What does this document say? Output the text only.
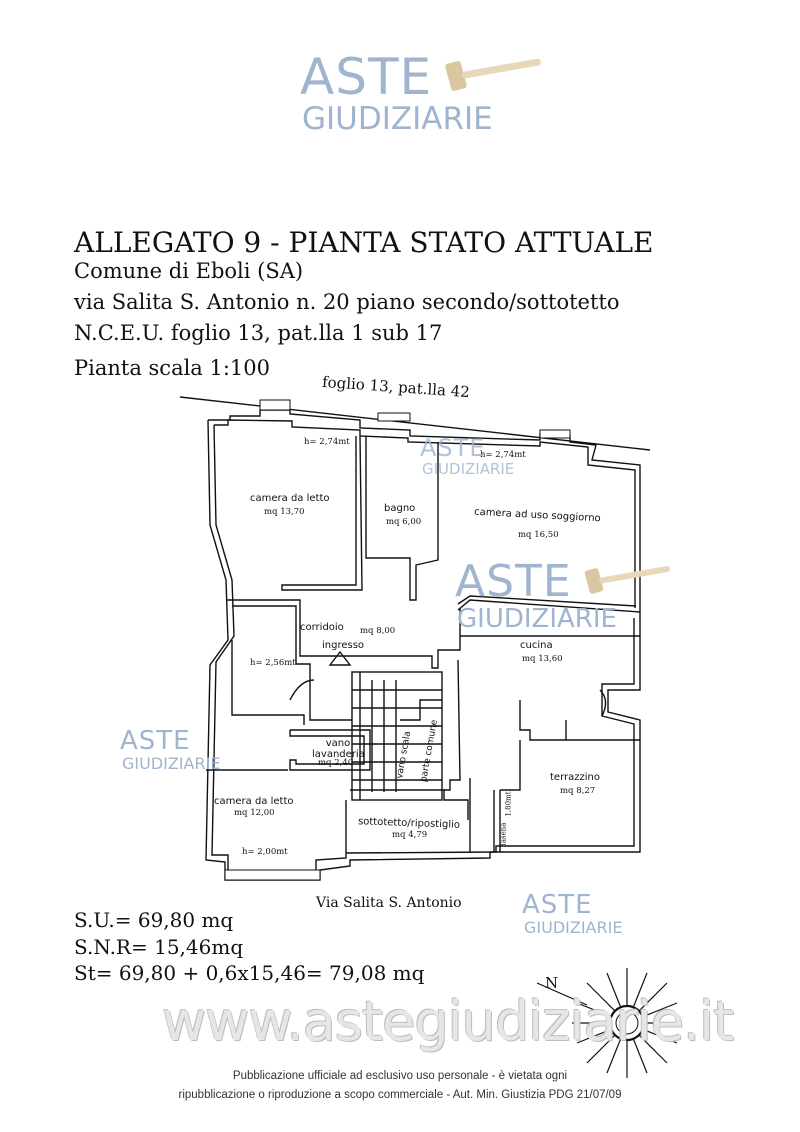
ASTE
GIUDIZIARIE
ALLEGATO 9 - PIANTA STATO ATTUALE
Comune di Eboli (SA)
via Salita S. Antonio n. 20 piano secondo/sottotetto
N.C.E.U. foglio 13, pat.lla 1 sub 17
Pianta scala 1:100
foglio 13, pat.lla 42
h= 2,74mt
h= 2,74mt
h= 2,56mt
h= 2,00mt
camera da letto
mq 13,70	bagno
mq 6,00	camera ad uso soggiorno
mq 16,50
corridoio mq 8,00
ingresso	cucina
mq 13,60
vano lavanderia
mq 2,40
camera da letto
mq 12,00
sottotetto/ripostiglio
mq 4,79
terrazzino
mq 8,27
vano scala parte comune
lasena
1,80mt
Via Salita S. Antonio
N
ASTE
GIUDIZIARIE
ASTE
GIUDIZIARIE
ASTE
GIUDIZIARIE
ASTE
GIUDIZIARIE
S.U.= 69,80 mq
S.N.R= 15,46mq
St= 69,80 + 0,6x15,46= 79,08 mq
www.astegiudiziarie.it
Pubblicazione ufficiale ad esclusivo uso personale - è vietata ogni
ripubblicazione o riproduzione a scopo commerciale - Aut. Min. Giustizia PDG 21/07/09
